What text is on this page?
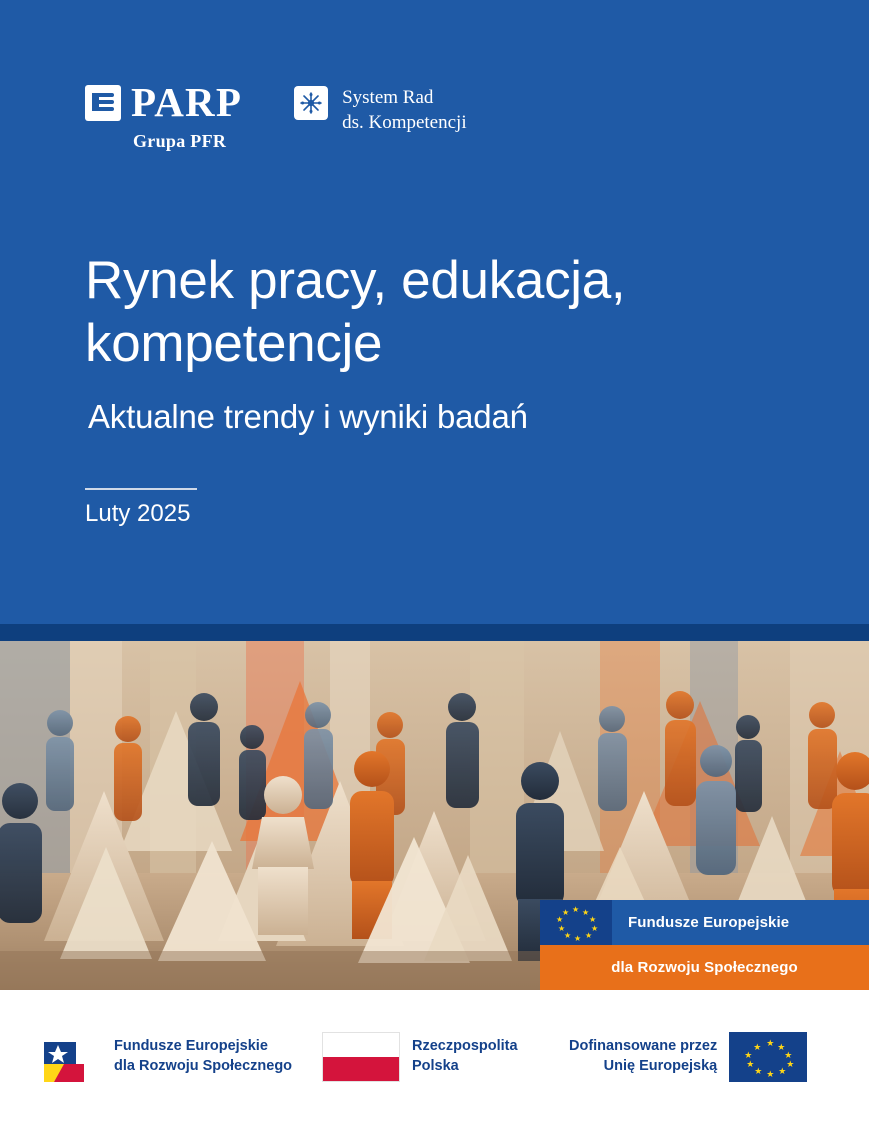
PARP
Grupa PFR
System Rad
ds. Kompetencji
Rynek pracy, edukacja, kompetencje
Aktualne trendy i wyniki badań
Luty 2025
★ ★
★
★
★
★
★
★
★
★
Fundusze Europejskie
dla Rozwoju Społecznego
Fundusze Europejskie
dla Rozwoju Społecznego
Rzeczpospolita
Polska
Dofinansowane przez
Unię Europejską
★ ★
★
★
★
★
★
★
★
★
